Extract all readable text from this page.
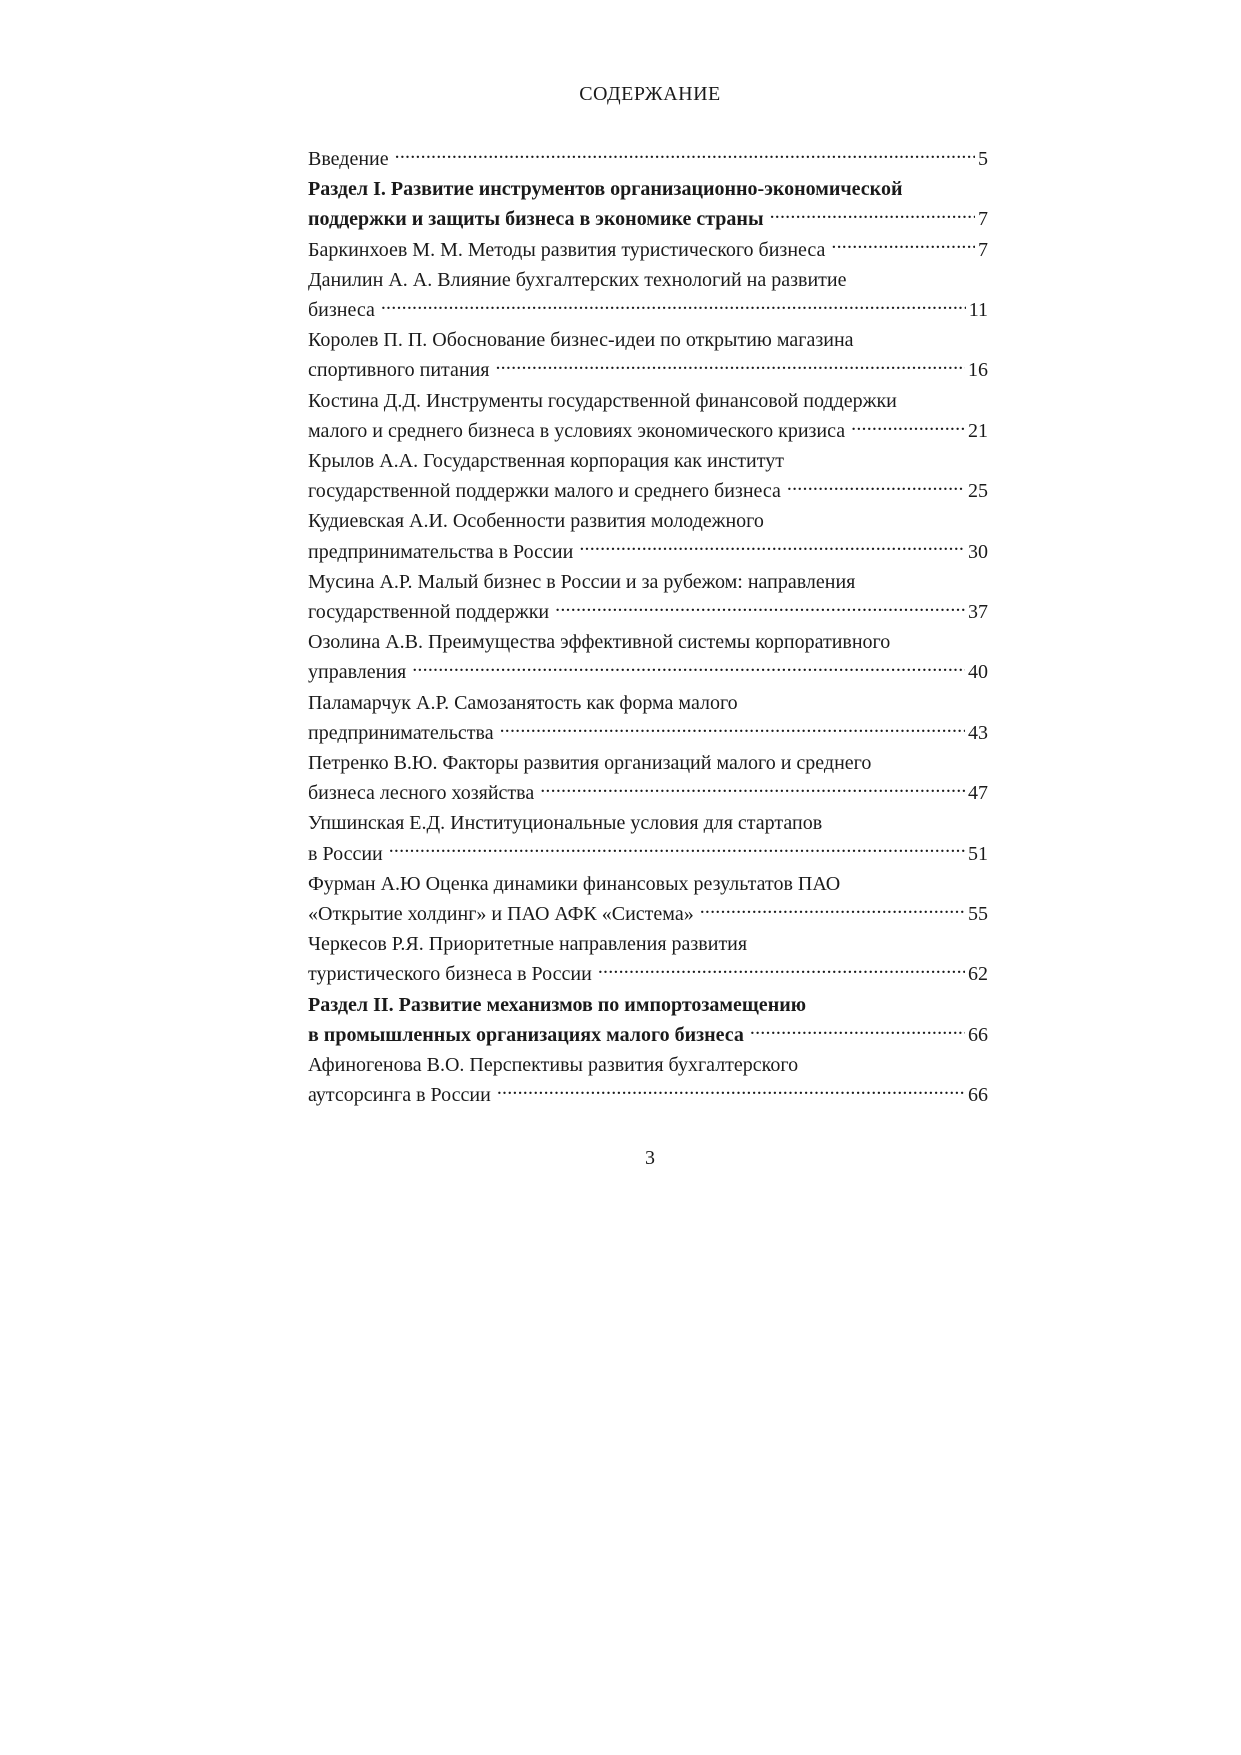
СОДЕРЖАНИЕ
Введение .....	5
Раздел I. Развитие инструментов организационно-экономической
поддержки и защиты бизнеса в экономике страны .....	7
Баркинхоев М. М. Методы развития туристического бизнеса .....	7
Данилин А. А. Влияние бухгалтерских технологий на развитие
бизнеса .....	11
Королев П. П. Обоснование бизнес-идеи по открытию магазина
спортивного питания .....	16
Костина Д.Д. Инструменты государственной финансовой поддержки
малого и среднего бизнеса в условиях экономического кризиса .....	21
Крылов А.А. Государственная корпорация как институт
государственной поддержки малого и среднего бизнеса .....	25
Кудиевская А.И. Особенности развития молодежного
предпринимательства в России .....	30
Мусина А.Р. Малый бизнес в России и за рубежом: направления
государственной поддержки .....	37
Озолина А.В. Преимущества эффективной системы корпоративного
управления .....	40
Паламарчук А.Р. Самозанятость как форма малого
предпринимательства .....	43
Петренко В.Ю. Факторы развития организаций малого и среднего
бизнеса лесного хозяйства .....	47
Упшинская Е.Д. Институциональные условия для стартапов
в России .....	51
Фурман А.Ю Оценка динамики финансовых результатов ПАО
«Открытие холдинг» и ПАО АФК «Система» .....	55
Черкесов Р.Я. Приоритетные направления развития
туристического бизнеса в России .....	62
Раздел II. Развитие механизмов по импортозамещению
в промышленных организациях малого бизнеса .....	66
Афиногенова В.О. Перспективы развития бухгалтерского
аутсорсинга в России .....	66
3
